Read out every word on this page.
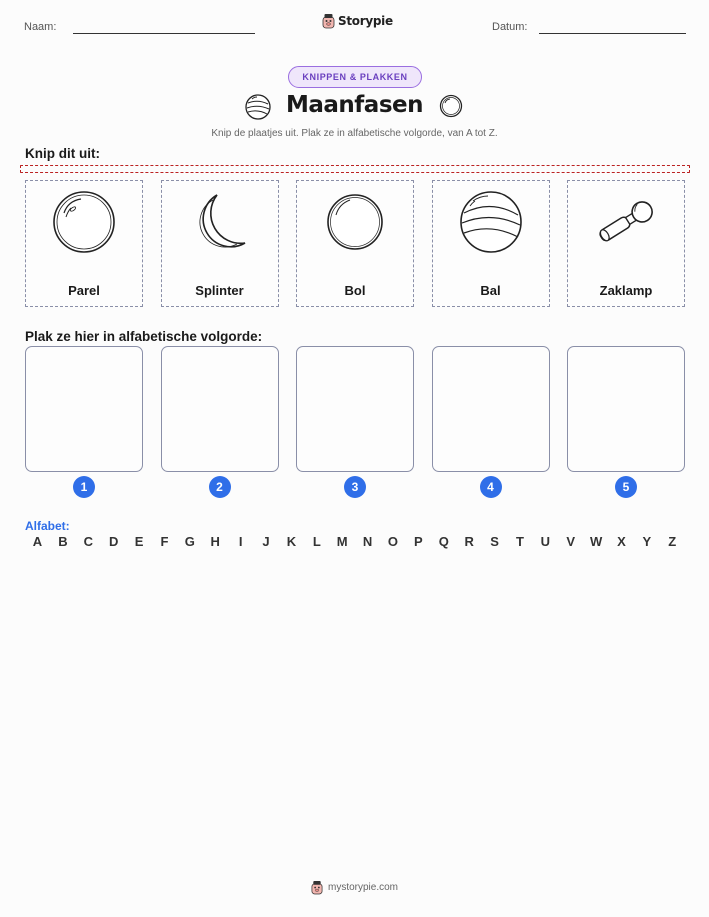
Naam:	Storypie	Datum:
KNIPPEN & PLAKKEN
Maanfasen
Knip de plaatjes uit. Plak ze in alfabetische volgorde, van A tot Z.
Knip dit uit:
Parel	Splinter	Bol	Bal	Zaklamp
Plak ze hier in alfabetische volgorde:
1	2	3	4	5
Alfabet:
A	B	C	D	E	F	G	H	I	J	K	L	M	N	O	P	Q	R	S	T	U	V	W	X	Y	Z
mystorypie.com
